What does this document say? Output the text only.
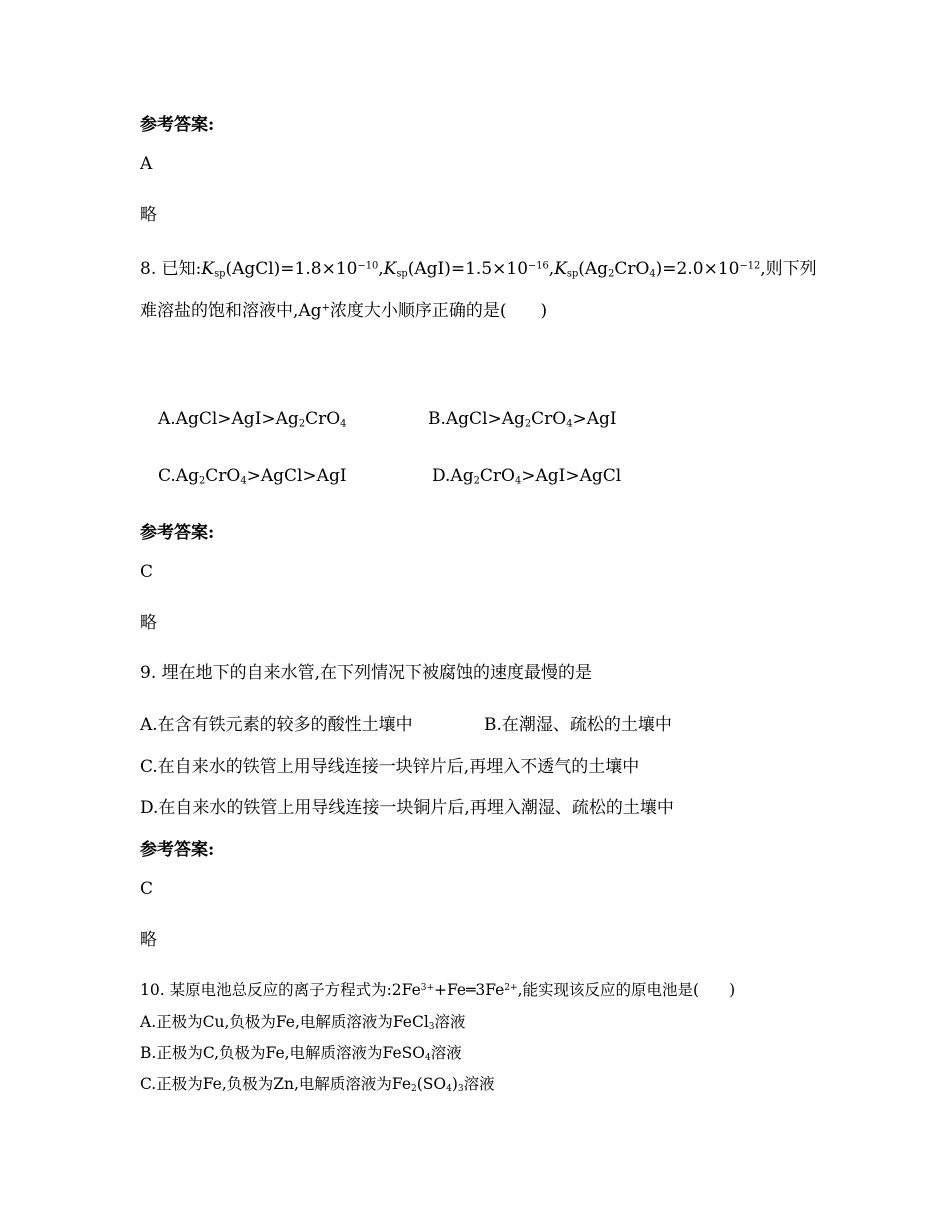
参考答案:
A
略
8. 已知$:K_{sp}(AgCl)=1.8\times 10^{-10},K_{sp}(AgI)=1.5\times 10^{-16},K_{sp}(Ag_2CrO_4)=2.0\times 10^{-12}$,则下列
难溶盐的饱和溶液中,Ag+浓度大小顺序正确的是( )
$A.AgCl>AgI>Ag_2CrO_4$	$B.AgCl>Ag_2CrO_4>AgI$
$C.Ag_2CrO_4>AgCl>AgI$	$D.Ag_2CrO_4>AgI>AgCl$
参考答案:
C
略
9. 埋在地下的自来水管,在下列情况下被腐蚀的速度最慢的是
A.在含有铁元素的较多的酸性土壤中	B.在潮湿、疏松的土壤中
C.在自来水的铁管上用导线连接一块锌片后,再埋入不透气的土壤中
D.在自来水的铁管上用导线连接一块铜片后,再埋入潮湿、疏松的土壤中
参考答案:
C
略
10. 某原电池总反应的离子方程式为$:2Fe^{3+}+Fe═3Fe^{2+}$,能实现该反应的原电池是( )
A.正极为Cu,负极为Fe,电解质溶液为FeCl$_3$溶液
B.正极为C,负极为Fe,电解质溶液为FeSO$_4$溶液
C.正极为Fe,负极为Zn,电解质溶液为$Fe_2(SO_4)_3$溶液
